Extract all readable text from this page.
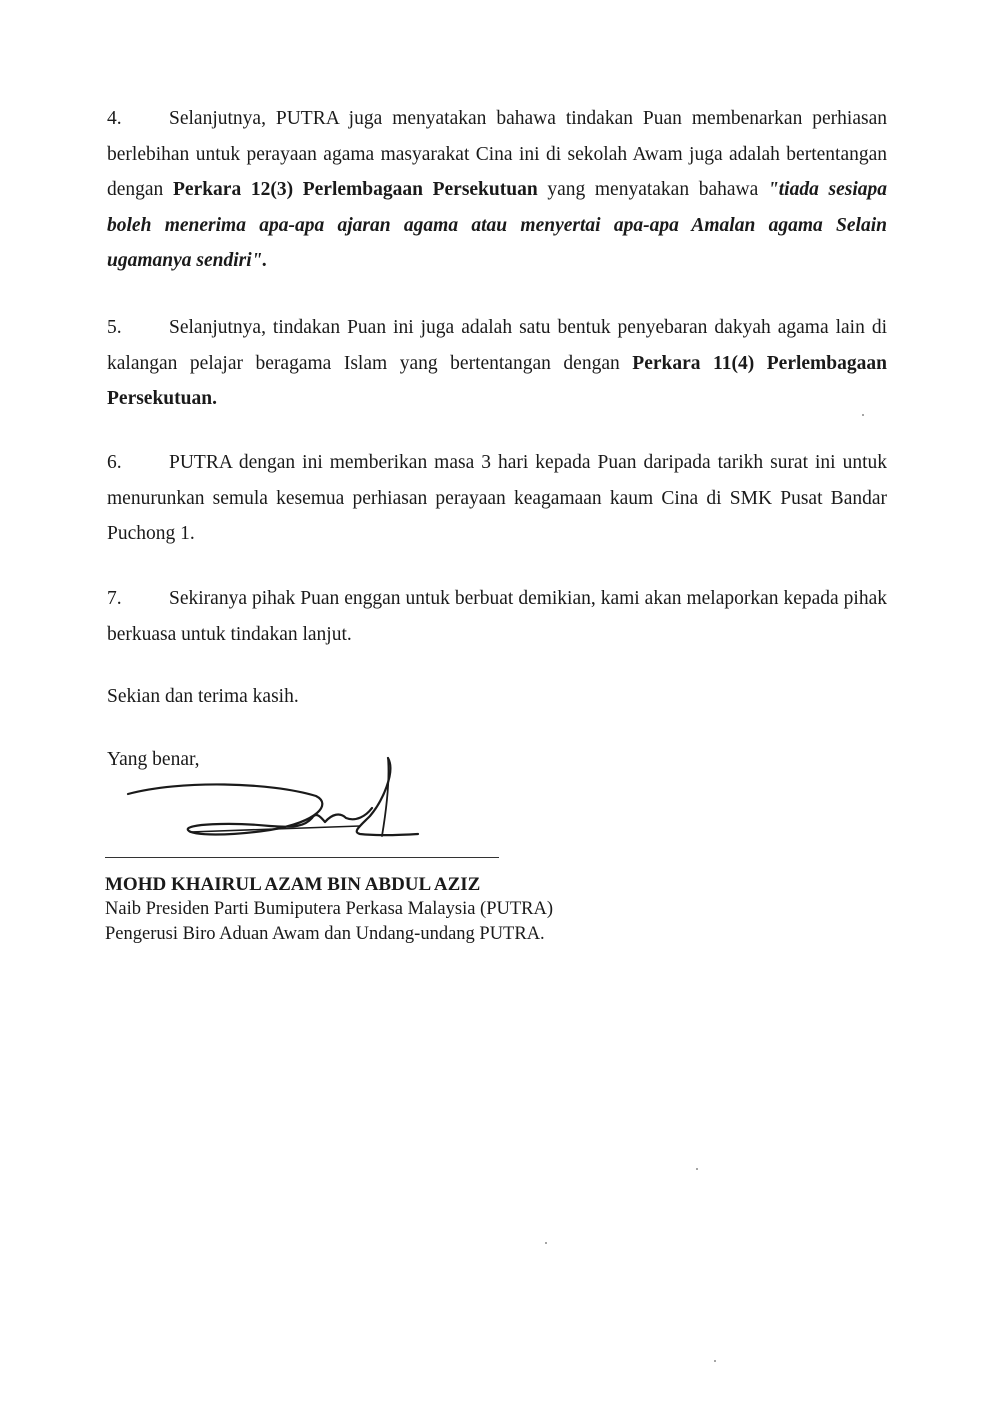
4. Selanjutnya, PUTRA juga menyatakan bahawa tindakan Puan membenarkan perhiasan berlebihan untuk perayaan agama masyarakat Cina ini di sekolah Awam juga adalah bertentangan dengan Perkara 12(3) Perlembagaan Persekutuan yang menyatakan bahawa "tiada sesiapa boleh menerima apa-apa ajaran agama atau menyertai apa-apa Amalan agama Selain ugamanya sendiri".

5. Selanjutnya, tindakan Puan ini juga adalah satu bentuk penyebaran dakyah agama lain di kalangan pelajar beragama Islam yang bertentangan dengan Perkara 11(4) Perlembagaan Persekutuan.

6. PUTRA dengan ini memberikan masa 3 hari kepada Puan daripada tarikh surat ini untuk menurunkan semula kesemua perhiasan perayaan keagamaan kaum Cina di SMK Pusat Bandar Puchong 1.

7. Sekiranya pihak Puan enggan untuk berbuat demikian, kami akan melaporkan kepada pihak berkuasa untuk tindakan lanjut.

Sekian dan terima kasih.

Yang benar,

MOHD KHAIRUL AZAM BIN ABDUL AZIZ
Naib Presiden Parti Bumiputera Perkasa Malaysia (PUTRA)
Pengerusi Biro Aduan Awam dan Undang-undang PUTRA.
